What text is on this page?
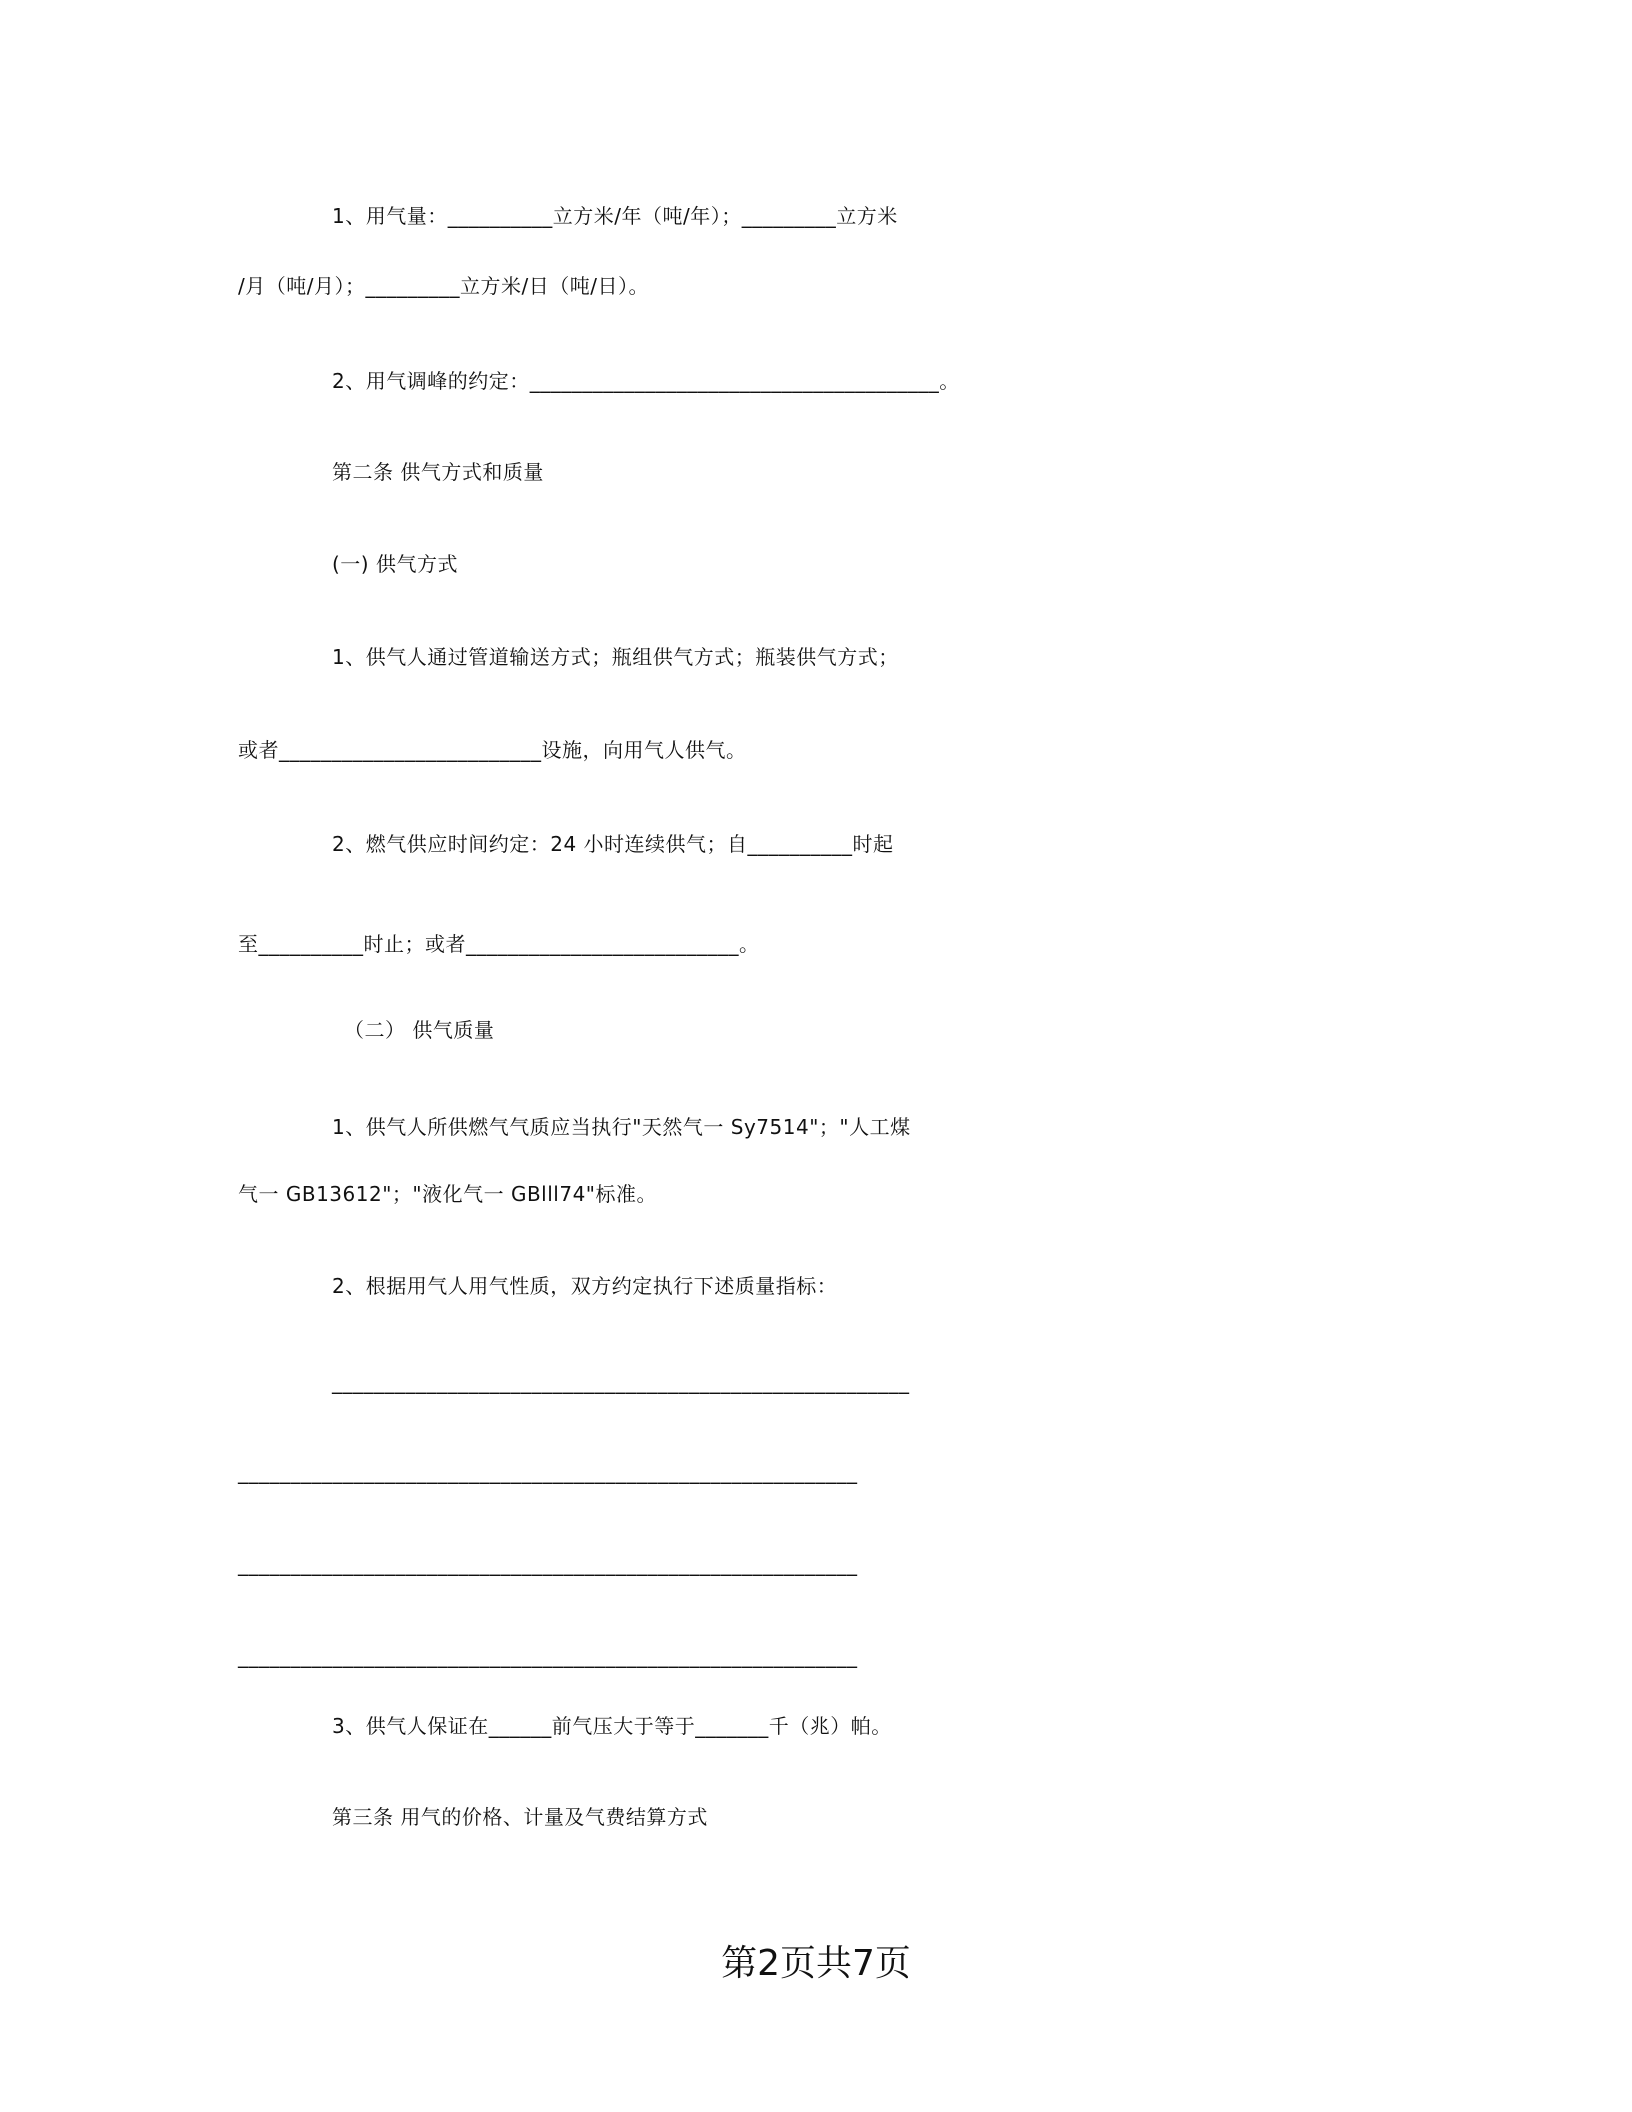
1、用气量：__________立方米/年（吨/年）；_________立方米
/月（吨/月）；_________立方米/日（吨/日）。
2、用气调峰的约定：_______________________________________。
第二条 供气方式和质量
(一) 供气方式
1、供气人通过管道输送方式；瓶组供气方式；瓶装供气方式；
或者_________________________设施，向用气人供气。
2、燃气供应时间约定：24 小时连续供气；自__________时起
至__________时止；或者__________________________。
（二） 供气质量
1、供气人所供燃气气质应当执行"天然气一 Sy7514"；"人工煤
气一 GB13612"；"液化气一 GBlll74"标准。
2、根据用气人用气性质，双方约定执行下述质量指标：
_______________________________________________________
___________________________________________________________
___________________________________________________________
___________________________________________________________
3、供气人保证在______前气压大于等于_______千（兆）帕。
第三条 用气的价格、计量及气费结算方式
第2页共7页
